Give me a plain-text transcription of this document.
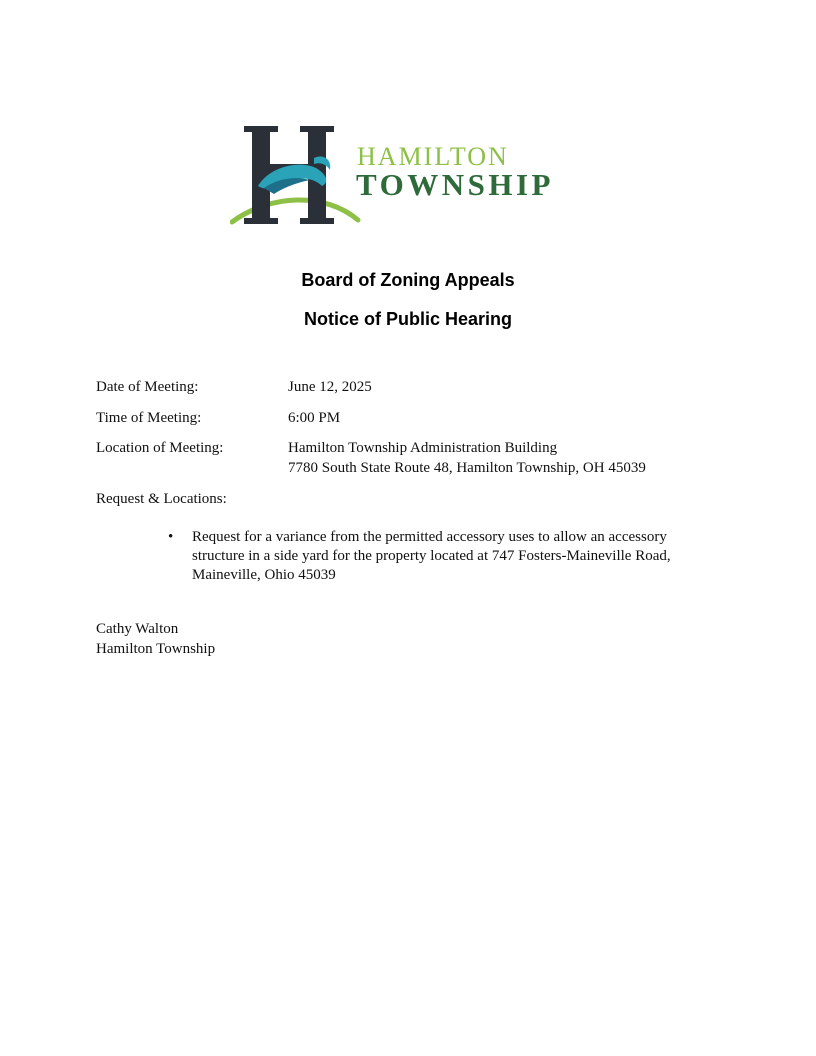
HAMILTON
TOWNSHIP
Board of Zoning Appeals
Notice of Public Hearing
Date of Meeting:	June 12, 2025
Time of Meeting:	6:00 PM
Location of Meeting:	Hamilton Township Administration Building
7780 South State Route 48, Hamilton Township, OH 45039
Request & Locations:
• Request for a variance from the permitted accessory uses to allow an accessory
structure in a side yard for the property located at 747 Fosters-Maineville Road,
Maineville, Ohio 45039
Cathy Walton
Hamilton Township
